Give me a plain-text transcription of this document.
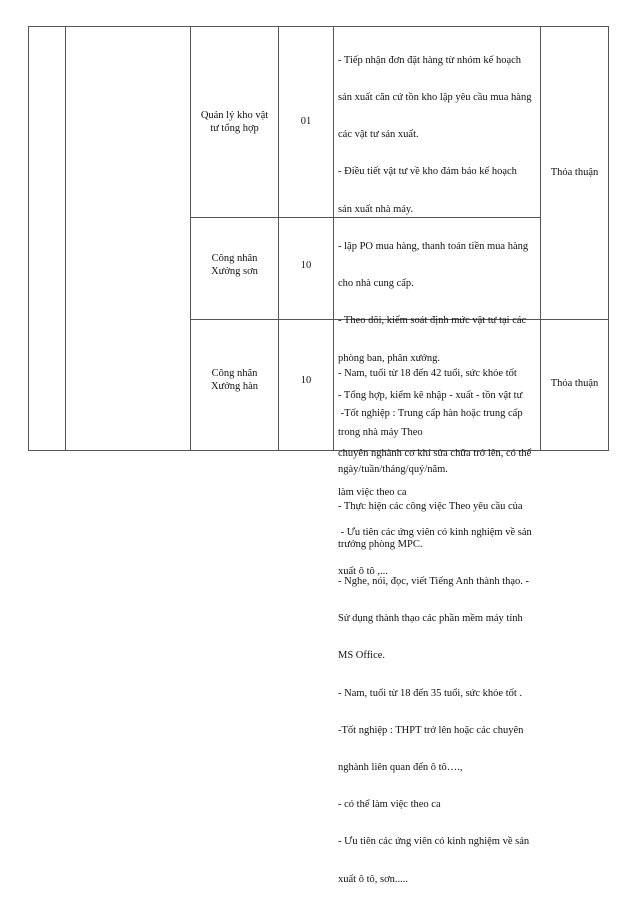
Quản lý kho vật
tư tổng hợp
01
Công nhân
Xưởng sơn
10
Công nhân
Xưởng hàn
10

- Tiếp nhận đơn đặt hàng từ nhóm kế hoạch

sản xuất căn cứ tồn kho lập yêu cầu mua hàng

các vật tư sản xuất.

- Điều tiết vật tư về kho đảm bảo kế hoạch

sản xuất nhà máy.

- lập PO mua hàng, thanh toán tiền mua hàng

cho nhà cung cấp.

- Theo dõi, kiểm soát định mức vật tư tại các

phòng ban, phân xưởng.

- Tổng hợp, kiểm kê nhập - xuất - tồn vật tư

trong nhà máy Theo

ngày/tuần/tháng/quý/năm.

- Thực hiện các công việc Theo yêu cầu của

trưởng phòng MPC.

- Nghe, nói, đọc, viết Tiếng Anh thành thạo. -

Sử dụng thành thạo các phần mềm máy tính

MS Office.

- Nam, tuổi từ 18 đến 35 tuổi, sức khỏe tốt .

-Tốt nghiệp : THPT trở lên hoặc các chuyên

nghành liên quan đến ô tô….,

- có thể làm việc theo ca

- Ưu tiên các ứng viên có kinh nghiệm về sản

xuất ô tô, sơn.....

Thỏa thuận

- Nam, tuổi từ 18 đến 42 tuổi, sức khỏe tốt

-Tốt nghiệp : Trung cấp hàn hoặc trung cấp

chuyên nghành cơ khí sửa chữa trở lên, có thể

làm việc theo ca

- Ưu tiên các ứng viên có kinh nghiệm về sản

xuất ô tô ,...

Thỏa thuận
